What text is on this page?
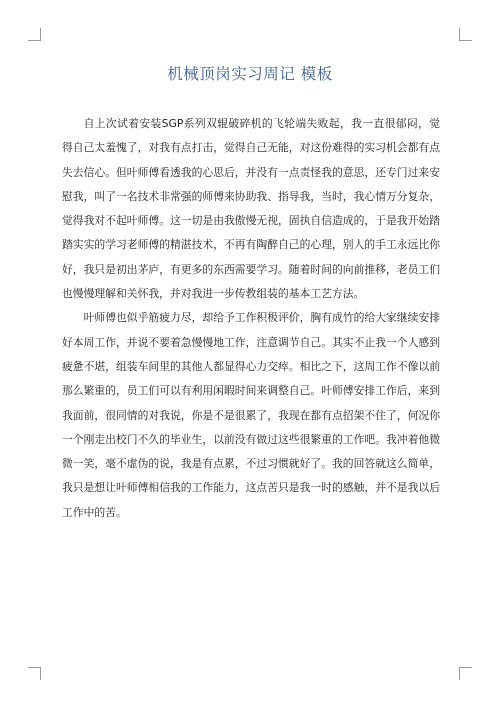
机械顶岗实习周记 模板

自上次试着安装SGP系列双辊破碎机的飞轮端失败起，我一直很郁闷，觉得自己太羞愧了，对我有点打击，觉得自己无能，对这份难得的实习机会都有点失去信心。但叶师傅看透我的心思后，并没有一点责怪我的意思，还专门过来安慰我，叫了一名技术非常强的师傅来协助我、指导我，当时，我心情万分复杂，觉得我对不起叶师傅。这一切是由我傲慢无视，固执自信造成的，于是我开始踏踏实实的学习老师傅的精湛技术，不再有陶醉自己的心理，别人的手工永远比你好，我只是初出茅庐，有更多的东西需要学习。随着时间的向前推移，老员工们也慢慢理解和关怀我，并对我进一步传教组装的基本工艺方法。

叶师傅也似乎筋疲力尽，却给予工作积极评价，胸有成竹的给大家继续安排好本周工作，并说不要着急慢慢地工作，注意调节自己。其实不止我一个人感到疲惫不堪，组装车间里的其他人都显得心力交瘁。相比之下，这周工作不像以前那么繁重的，员工们可以有利用闲暇时间来调整自己。叶师傅安排工作后，来到我面前，很同情的对我说，你是不是很累了，我现在都有点招架不住了，何况你一个刚走出校门不久的毕业生，以前没有做过这些很繁重的工作吧。我冲着他微微一笑，毫不虚伪的说，我是有点累，不过习惯就好了。我的回答就这么简单，我只是想让叶师傅相信我的工作能力，这点苦只是我一时的感触，并不是我以后工作中的苦。
